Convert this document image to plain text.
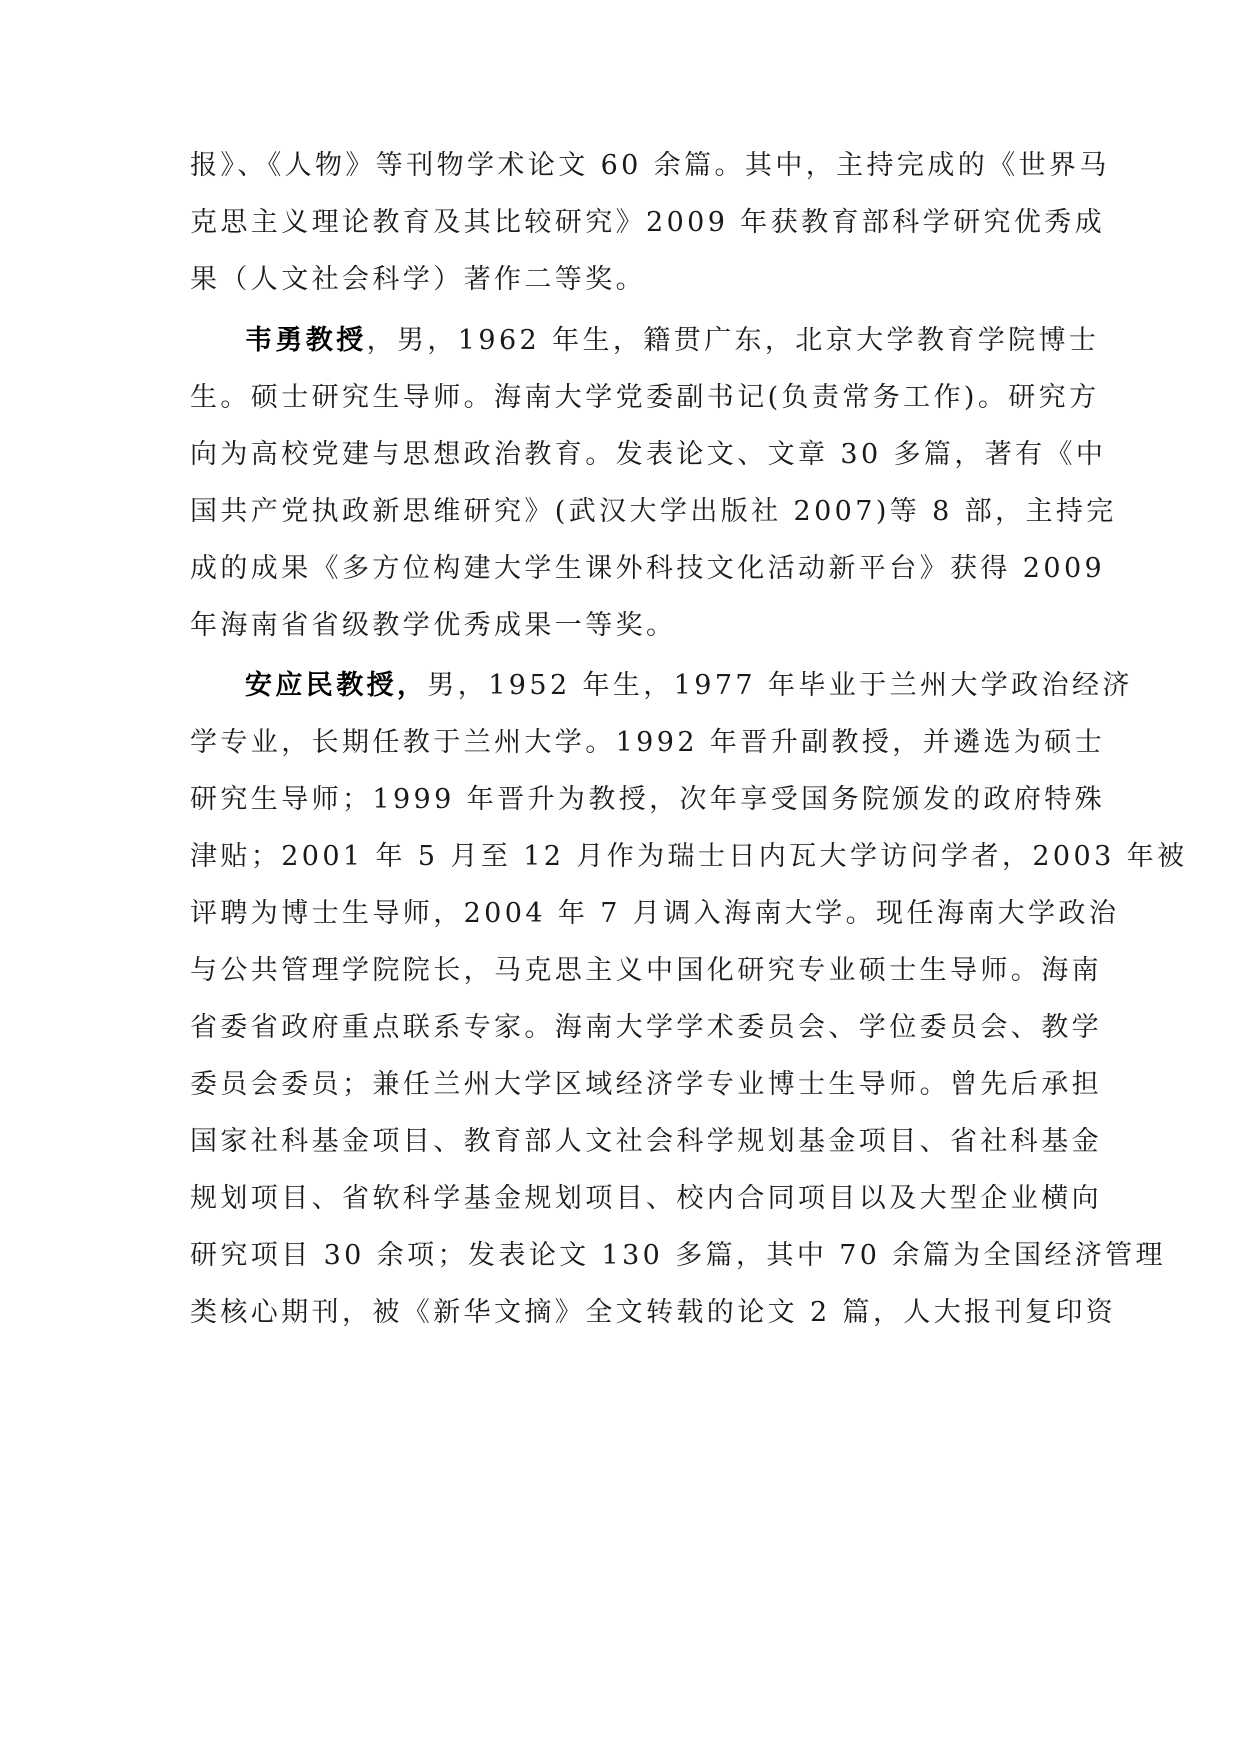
报》、《人物》等刊物学术论文 60 余篇。其中，主持完成的《世界马
克思主义理论教育及其比较研究》2009 年获教育部科学研究优秀成
果（人文社会科学）著作二等奖。
韦勇教授，男，1962 年生，籍贯广东，北京大学教育学院博士
生。硕士研究生导师。海南大学党委副书记(负责常务工作)。研究方
向为高校党建与思想政治教育。发表论文、文章 30 多篇，著有《中
国共产党执政新思维研究》(武汉大学出版社 2007)等 8 部，主持完
成的成果《多方位构建大学生课外科技文化活动新平台》获得 2009
年海南省省级教学优秀成果一等奖。
安应民教授，男，1952 年生，1977 年毕业于兰州大学政治经济
学专业，长期任教于兰州大学。1992 年晋升副教授，并遴选为硕士
研究生导师；1999 年晋升为教授，次年享受国务院颁发的政府特殊
津贴；2001 年 5 月至 12 月作为瑞士日内瓦大学访问学者，2003 年被
评聘为博士生导师，2004 年 7 月调入海南大学。现任海南大学政治
与公共管理学院院长，马克思主义中国化研究专业硕士生导师。海南
省委省政府重点联系专家。海南大学学术委员会、学位委员会、教学
委员会委员；兼任兰州大学区域经济学专业博士生导师。曾先后承担
国家社科基金项目、教育部人文社会科学规划基金项目、省社科基金
规划项目、省软科学基金规划项目、校内合同项目以及大型企业横向
研究项目 30 余项；发表论文 130 多篇，其中 70 余篇为全国经济管理
类核心期刊，被《新华文摘》全文转载的论文 2 篇，人大报刊复印资
